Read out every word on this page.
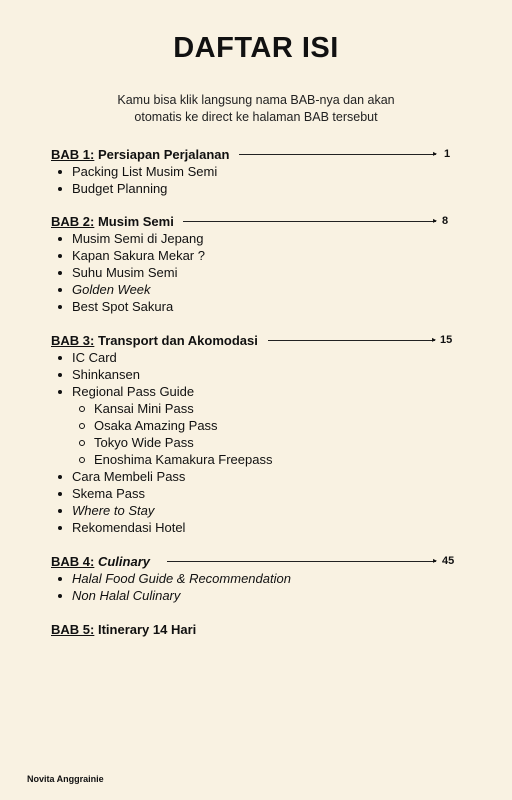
DAFTAR ISI
Kamu bisa klik langsung nama BAB-nya dan akan
otomatis ke direct ke halaman BAB tersebut
BAB 1: Persiapan Perjalanan	▸ 1
Packing List Musim Semi
Budget Planning
BAB 2: Musim Semi	▸ 8
Musim Semi di Jepang
Kapan Sakura Mekar ?
Suhu Musim Semi
Golden Week
Best Spot Sakura
BAB 3: Transport dan Akomodasi	▸ 15
IC Card
Shinkansen
Regional Pass Guide
Kansai Mini Pass
Osaka Amazing Pass
Tokyo Wide Pass
Enoshima Kamakura Freepass
Cara Membeli Pass
Skema Pass
Where to Stay
Rekomendasi Hotel
BAB 4: Culinary	▸ 45
Halal Food Guide & Recommendation
Non Halal Culinary
BAB 5: Itinerary 14 Hari
Novita Anggrainie
